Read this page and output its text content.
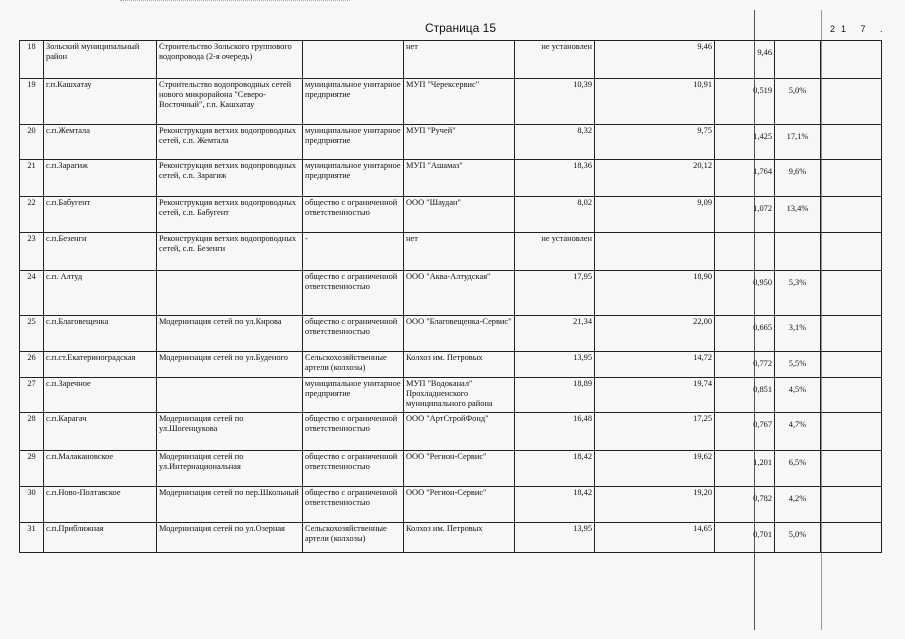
Страница 15	21 7 .
18	Зольский муниципальный район	Строительство Зольского группового водопровода (2-я очередь)		нет	не установлен	9,46	9,46		

19	г.п.Кашхатау	Строительство водопроводных сетей нового микрорайона "Северо-Восточный", г.п. Кашхатау	муниципальное унитарное предприятие	МУП "Черексервис"	10,39	10,91	0,519	5,0%	

20	с.п.Жемтала	Реконструкция ветхих водопроводных сетей, с.п. Жемтала	муниципальное унитарное предприятие	МУП "Ручей"	8,32	9,75	1,425	17,1%	

21	с.п.Зарагиж	Реконструкция ветхих водопроводных сетей, с.п. Зарагиж	муниципальное унитарное предприятие	МУП "Ашамаз"	18,36	20,12	1,764	9,6%	

22	с.п.Бабугент	Реконструкция ветхих водопроводных сетей, с.п. Бабугент	общество с ограниченной ответственностью	ООО "Шаудан"	8,02	9,09	1,072	13,4%	

23	с.п.Безенги	Реконструкция ветхих водопроводных сетей, с.п. Безенги	-	нет	не установлен		

24	с.п. Алтуд		общество с ограниченной ответственностью	ООО "Аква-Алтудская"	17,95	18,90	0,950	5,3%	

25	с.п.Благовещенка	Модернизация сетей по ул.Кирова	общество с ограниченной ответственностью	ООО "Благовещенка-Сервис"	21,34	22,00	0,665	3,1%	

26	с.п.ст.Екатериноградская	Модернизация сетей по ул.Буденого	Сельскохозяйственные артели (колхозы)	Колхоз им. Петровых	13,95	14,72	0,772	5,5%	

27	с.п.Заречное		муниципальное унитарное предприятие	МУП "Водоканал" Прохладненского муниципального района	18,89	19,74	0,851	4,5%	

28	с.п.Карагач	Модернизация сетей по ул.Шогенцукова	общество с ограниченной ответственностью	ООО "АртСтройФонд"	16,48	17,25	0,767	4,7%	

29	с.п.Малакановское	Модернизация сетей по ул.Интернациональная	общество с ограниченной ответственностью	ООО "Регион-Сервис"	18,42	19,62	1,201	6,5%	

30	с.п.Ново-Полтавское	Модернизация сетей по пер.Школьный	общество с ограниченной ответственностью	ООО "Регион-Сервис"	18,42	19,20	0,782	4,2%	

31	с.п.Приближная	Модернизация сетей по ул.Озерная	Сельскохозяйственные артели (колхозы)	Колхоз им. Петровых	13,95	14,65	0,701	5,0%	
